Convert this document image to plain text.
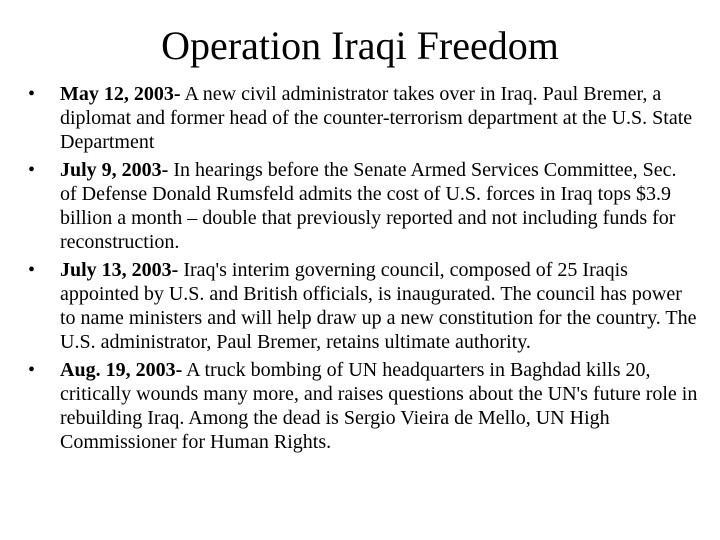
Operation Iraqi Freedom
•	May 12, 2003- A new civil administrator takes over in Iraq. Paul Bremer, a diplomat and former head of the counter-terrorism department at the U.S. State Department
•	July 9, 2003- In hearings before the Senate Armed Services Committee, Sec. of Defense Donald Rumsfeld admits the cost of U.S. forces in Iraq tops $3.9 billion a month – double that previously reported and not including funds for reconstruction.
•	July 13, 2003- Iraq's interim governing council, composed of 25 Iraqis appointed by U.S. and British officials, is inaugurated. The council has power to name ministers and will help draw up a new constitution for the country. The U.S. administrator, Paul Bremer, retains ultimate authority.
•	Aug. 19, 2003- A truck bombing of UN headquarters in Baghdad kills 20, critically wounds many more, and raises questions about the UN's future role in rebuilding Iraq. Among the dead is Sergio Vieira de Mello, UN High Commissioner for Human Rights.
